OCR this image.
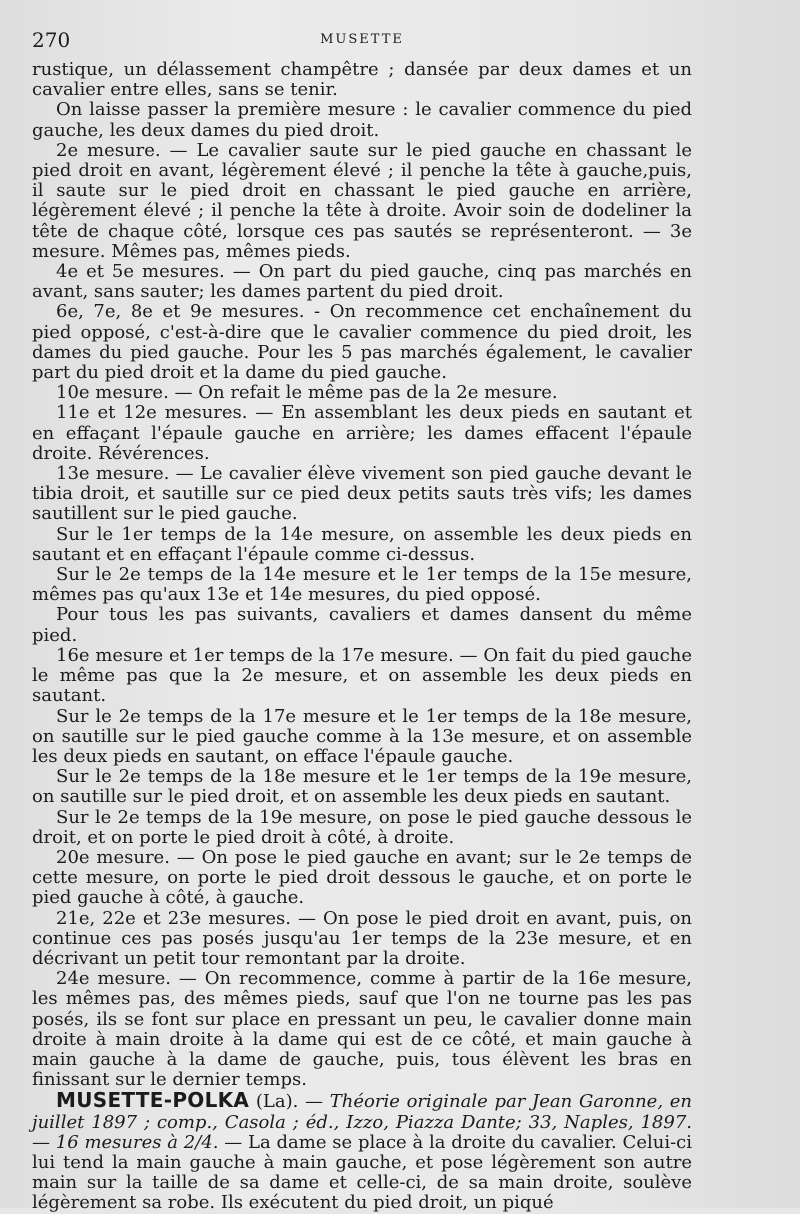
270	MUSETTE

rustique, un délassement champêtre ; dansée par deux dames et un cavalier entre elles, sans se tenir.

On laisse passer la première mesure : le cavalier commence du pied gauche, les deux dames du pied droit.

2e mesure. — Le cavalier saute sur le pied gauche en chassant le pied droit en avant, légèrement élevé ; il penche la tête à gauche,puis, il saute sur le pied droit en chassant le pied gauche en arrière, légèrement élevé ; il penche la tête à droite. Avoir soin de dodeliner la tête de chaque côté, lorsque ces pas sautés se représenteront. — 3e mesure. Mêmes pas, mêmes pieds.

4e et 5e mesures. — On part du pied gauche, cinq pas marchés en avant, sans sauter; les dames partent du pied droit.

6e, 7e, 8e et 9e mesures. - On recommence cet enchaînement du pied opposé, c'est-à-dire que le cavalier commence du pied droit, les dames du pied gauche. Pour les 5 pas marchés également, le cavalier part du pied droit et la dame du pied gauche.

10e mesure. — On refait le même pas de la 2e mesure.

11e et 12e mesures. — En assemblant les deux pieds en sautant et en effaçant l'épaule gauche en arrière; les dames effacent l'épaule droite. Révérences.

13e mesure. — Le cavalier élève vivement son pied gauche devant le tibia droit, et sautille sur ce pied deux petits sauts très vifs; les dames sautillent sur le pied gauche.

Sur le 1er temps de la 14e mesure, on assemble les deux pieds en sautant et en effaçant l'épaule comme ci-dessus.

Sur le 2e temps de la 14e mesure et le 1er temps de la 15e mesure, mêmes pas qu'aux 13e et 14e mesures, du pied opposé.

Pour tous les pas suivants, cavaliers et dames dansent du même pied.

16e mesure et 1er temps de la 17e mesure. — On fait du pied gauche le même pas que la 2e mesure, et on assemble les deux pieds en sautant.

Sur le 2e temps de la 17e mesure et le 1er temps de la 18e mesure, on sautille sur le pied gauche comme à la 13e mesure, et on assemble les deux pieds en sautant, on efface l'épaule gauche.

Sur le 2e temps de la 18e mesure et le 1er temps de la 19e mesure, on sautille sur le pied droit, et on assemble les deux pieds en sautant.

Sur le 2e temps de la 19e mesure, on pose le pied gauche dessous le droit, et on porte le pied droit à côté, à droite.

20e mesure. — On pose le pied gauche en avant; sur le 2e temps de cette mesure, on porte le pied droit dessous le gauche, et on porte le pied gauche à côté, à gauche.

21e, 22e et 23e mesures. — On pose le pied droit en avant, puis, on continue ces pas posés jusqu'au 1er temps de la 23e mesure, et en décrivant un petit tour remontant par la droite.

24e mesure. — On recommence, comme à partir de la 16e mesure, les mêmes pas, des mêmes pieds, sauf que l'on ne tourne pas les pas posés, ils se font sur place en pressant un peu, le cavalier donne main droite à main droite à la dame qui est de ce côté, et main gauche à main gauche à la dame de gauche, puis, tous élèvent les bras en finissant sur le dernier temps.

MUSETTE-POLKA (La). — Théorie originale par Jean Garonne, en juillet 1897 ; comp., Casola ; éd., Izzo, Piazza Dante; 33, Naples, 1897. — 16 mesures à 2/4. — La dame se place à la droite du cavalier. Celui-ci lui tend la main gauche à main gauche, et pose légèrement son autre main sur la taille de sa dame et celle-ci, de sa main droite, soulève légèrement sa robe. Ils exécutent du pied droit, un piqué
